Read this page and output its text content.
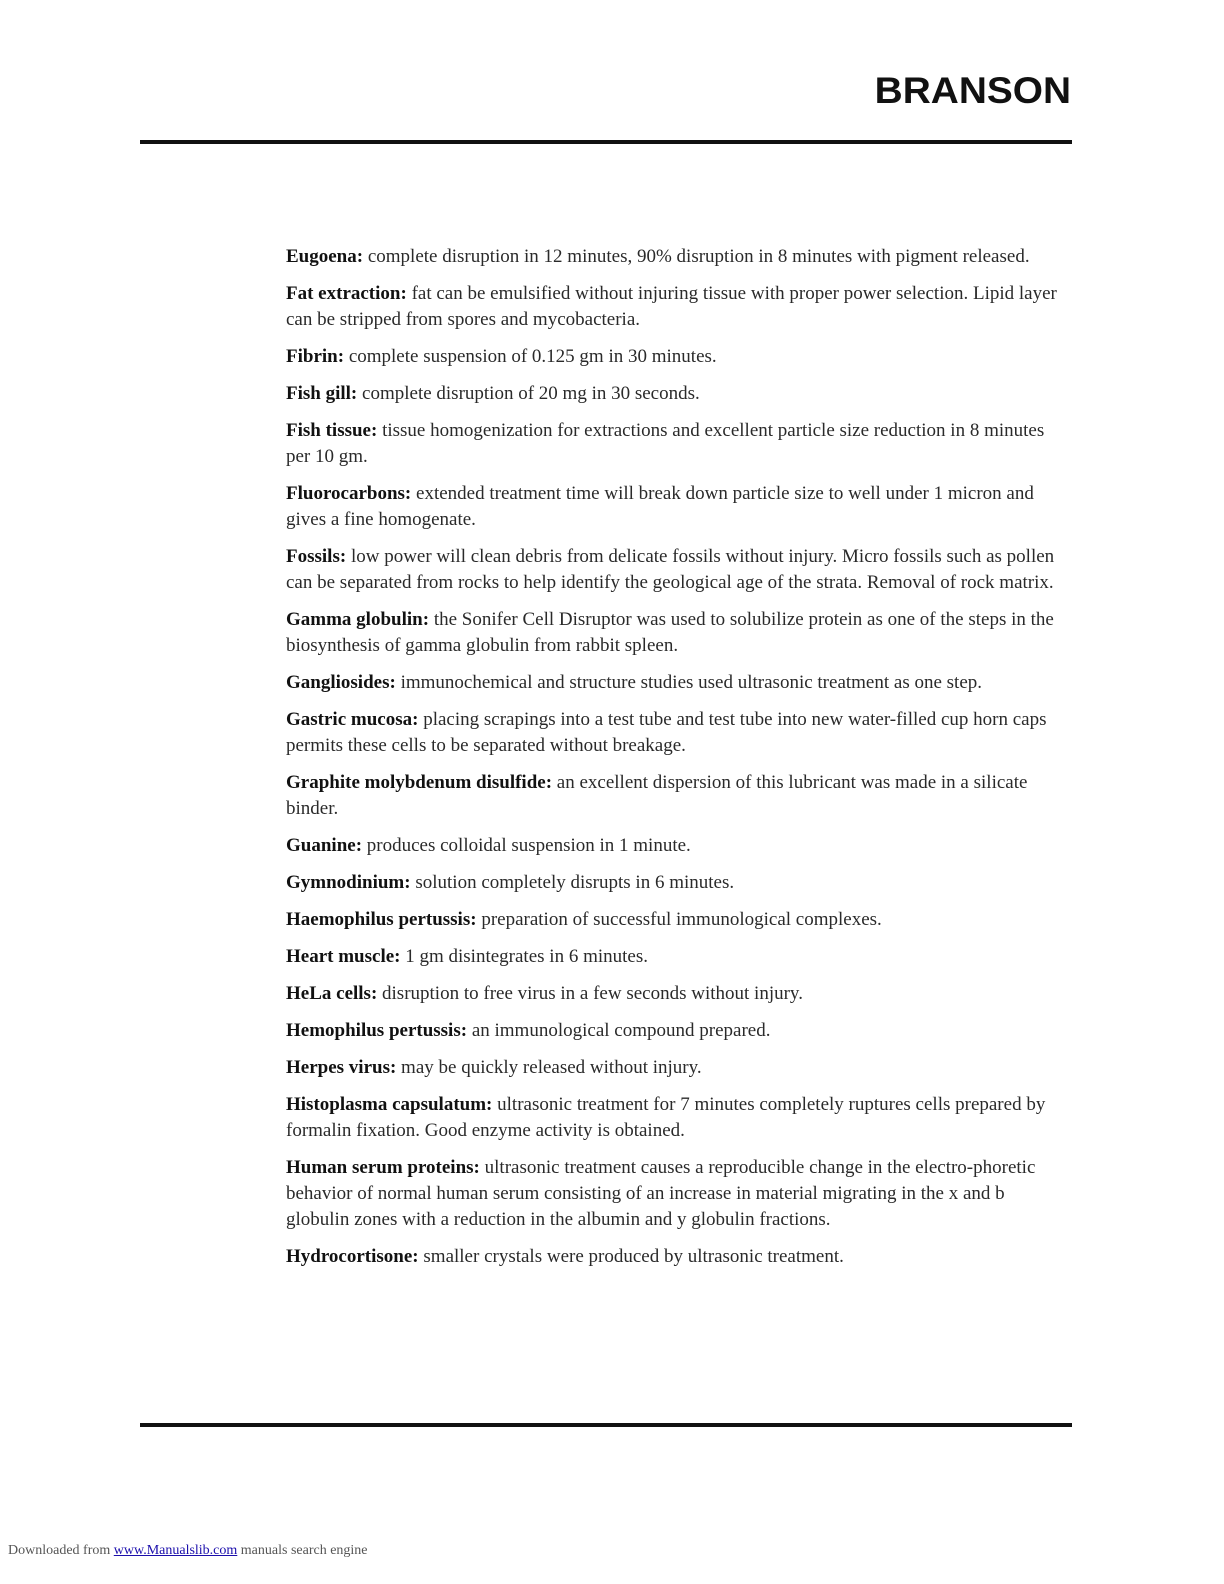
BRANSON

Eugoena: complete disruption in 12 minutes, 90% disruption in 8 minutes with pigment released.

Fat extraction: fat can be emulsified without injuring tissue with proper power selection. Lipid layer can be stripped from spores and mycobacteria.

Fibrin: complete suspension of 0.125 gm in 30 minutes.

Fish gill: complete disruption of 20 mg in 30 seconds.

Fish tissue: tissue homogenization for extractions and excellent particle size reduction in 8 minutes per 10 gm.

Fluorocarbons: extended treatment time will break down particle size to well under 1 micron and gives a fine homogenate.

Fossils: low power will clean debris from delicate fossils without injury. Micro fossils such as pollen can be separated from rocks to help identify the geological age of the strata. Removal of rock matrix.

Gamma globulin: the Sonifer Cell Disruptor was used to solubilize protein as one of the steps in the biosynthesis of gamma globulin from rabbit spleen.

Gangliosides: immunochemical and structure studies used ultrasonic treatment as one step.

Gastric mucosa: placing scrapings into a test tube and test tube into new water-filled cup horn caps permits these cells to be separated without breakage.

Graphite molybdenum disulfide: an excellent dispersion of this lubricant was made in a silicate binder.

Guanine: produces colloidal suspension in 1 minute.

Gymnodinium: solution completely disrupts in 6 minutes.

Haemophilus pertussis: preparation of successful immunological complexes.

Heart muscle: 1 gm disintegrates in 6 minutes.

HeLa cells: disruption to free virus in a few seconds without injury.

Hemophilus pertussis: an immunological compound prepared.

Herpes virus: may be quickly released without injury.

Histoplasma capsulatum: ultrasonic treatment for 7 minutes completely ruptures cells prepared by formalin fixation. Good enzyme activity is obtained.

Human serum proteins: ultrasonic treatment causes a reproducible change in the electro-phoretic behavior of normal human serum consisting of an increase in material migrating in the x and b globulin zones with a reduction in the albumin and y globulin fractions.

Hydrocortisone: smaller crystals were produced by ultrasonic treatment.

Downloaded from www.Manualslib.com manuals search engine
